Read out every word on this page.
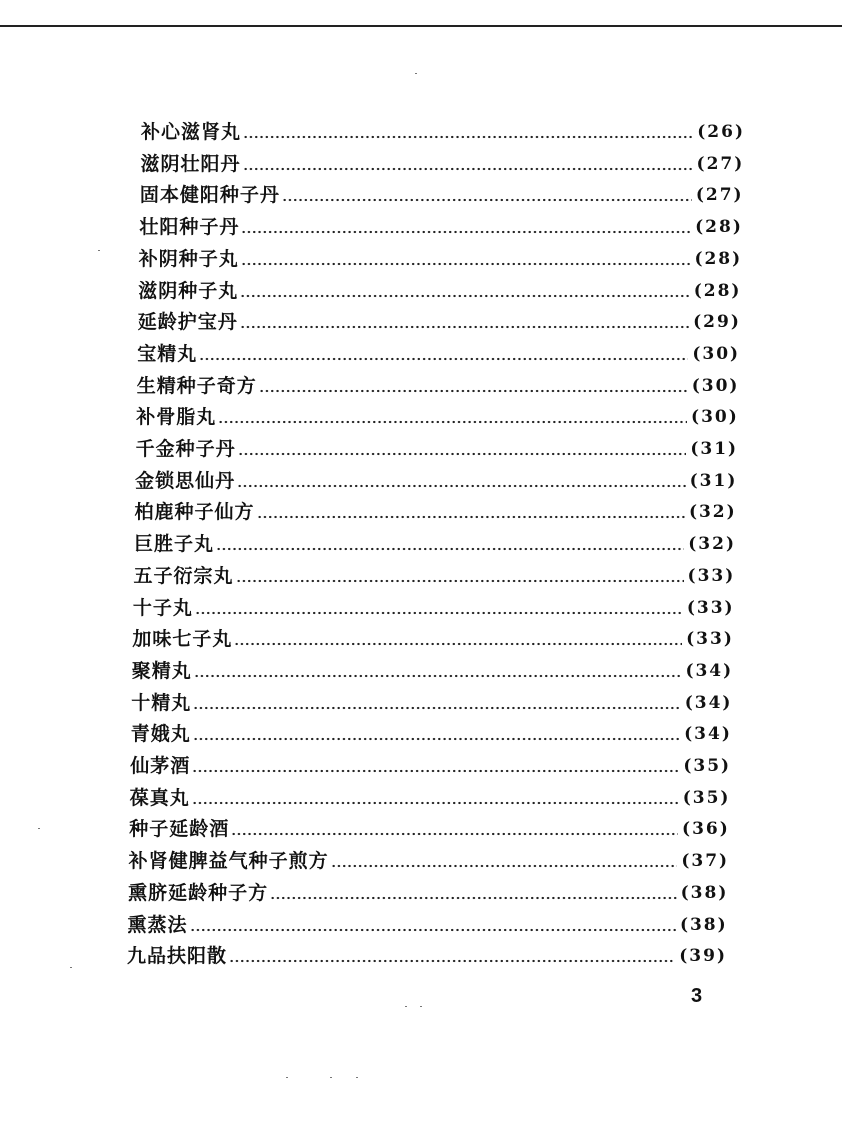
补心滋肾丸	(26)
滋阴壮阳丹	(27)
固本健阳种子丹	(27)
壮阳种子丹	(28)
补阴种子丸	(28)
滋阴种子丸	(28)
延龄护宝丹	(29)
宝精丸	(30)
生精种子奇方	(30)
补骨脂丸	(30)
千金种子丹	(31)
金锁思仙丹	(31)
柏鹿种子仙方	(32)
巨胜子丸	(32)
五子衍宗丸	(33)
十子丸	(33)
加味七子丸	(33)
聚精丸	(34)
十精丸	(34)
青娥丸	(34)
仙茅酒	(35)
葆真丸	(35)
种子延龄酒	(36)
补肾健脾益气种子煎方	(37)
熏脐延龄种子方	(38)
熏蒸法	(38)
九品扶阳散	(39)
3
